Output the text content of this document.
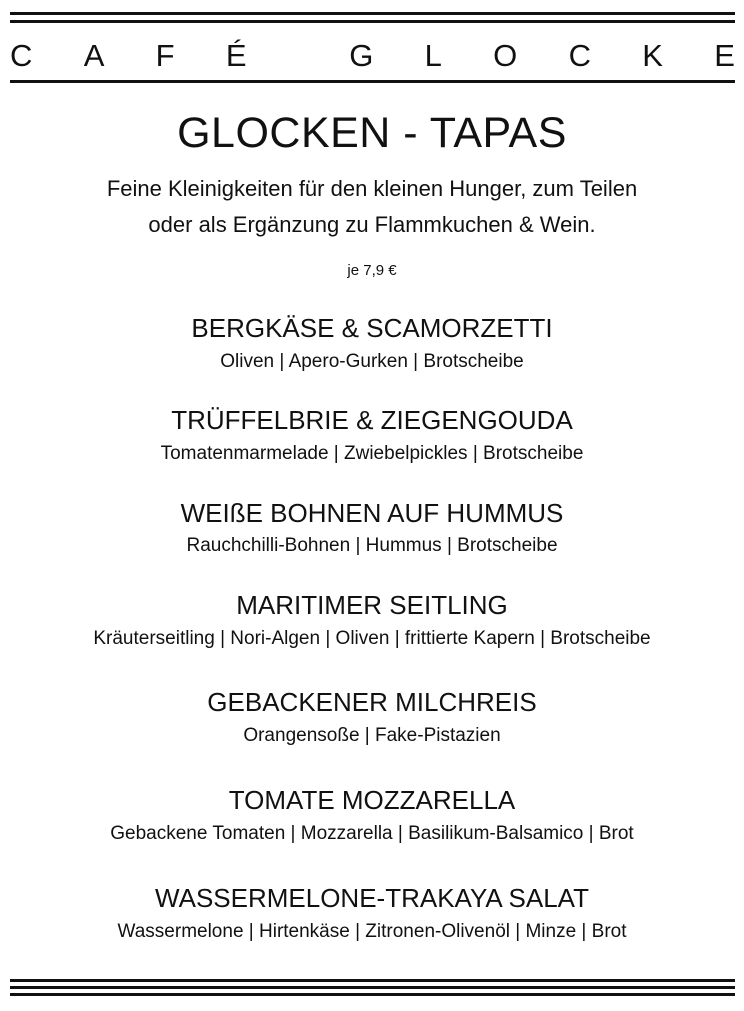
C A F É	G L O C K E
GLOCKEN - TAPAS
Feine Kleinigkeiten für den kleinen Hunger, zum Teilen
oder als Ergänzung zu Flammkuchen & Wein.
je 7,9 €
BERGKÄSE & SCAMORZETTI
Oliven | Apero-Gurken | Brotscheibe
TRÜFFELBRIE & ZIEGENGOUDA
Tomatenmarmelade | Zwiebelpickles | Brotscheibe
WEIßE BOHNEN AUF HUMMUS
Rauchchilli-Bohnen | Hummus | Brotscheibe
MARITIMER SEITLING
Kräuterseitling | Nori-Algen | Oliven | frittierte Kapern | Brotscheibe
GEBACKENER MILCHREIS
Orangensoße | Fake-Pistazien
TOMATE MOZZARELLA
Gebackene Tomaten | Mozzarella | Basilikum-Balsamico | Brot
WASSERMELONE-TRAKAYA SALAT
Wassermelone | Hirtenkäse | Zitronen-Olivenöl | Minze | Brot
